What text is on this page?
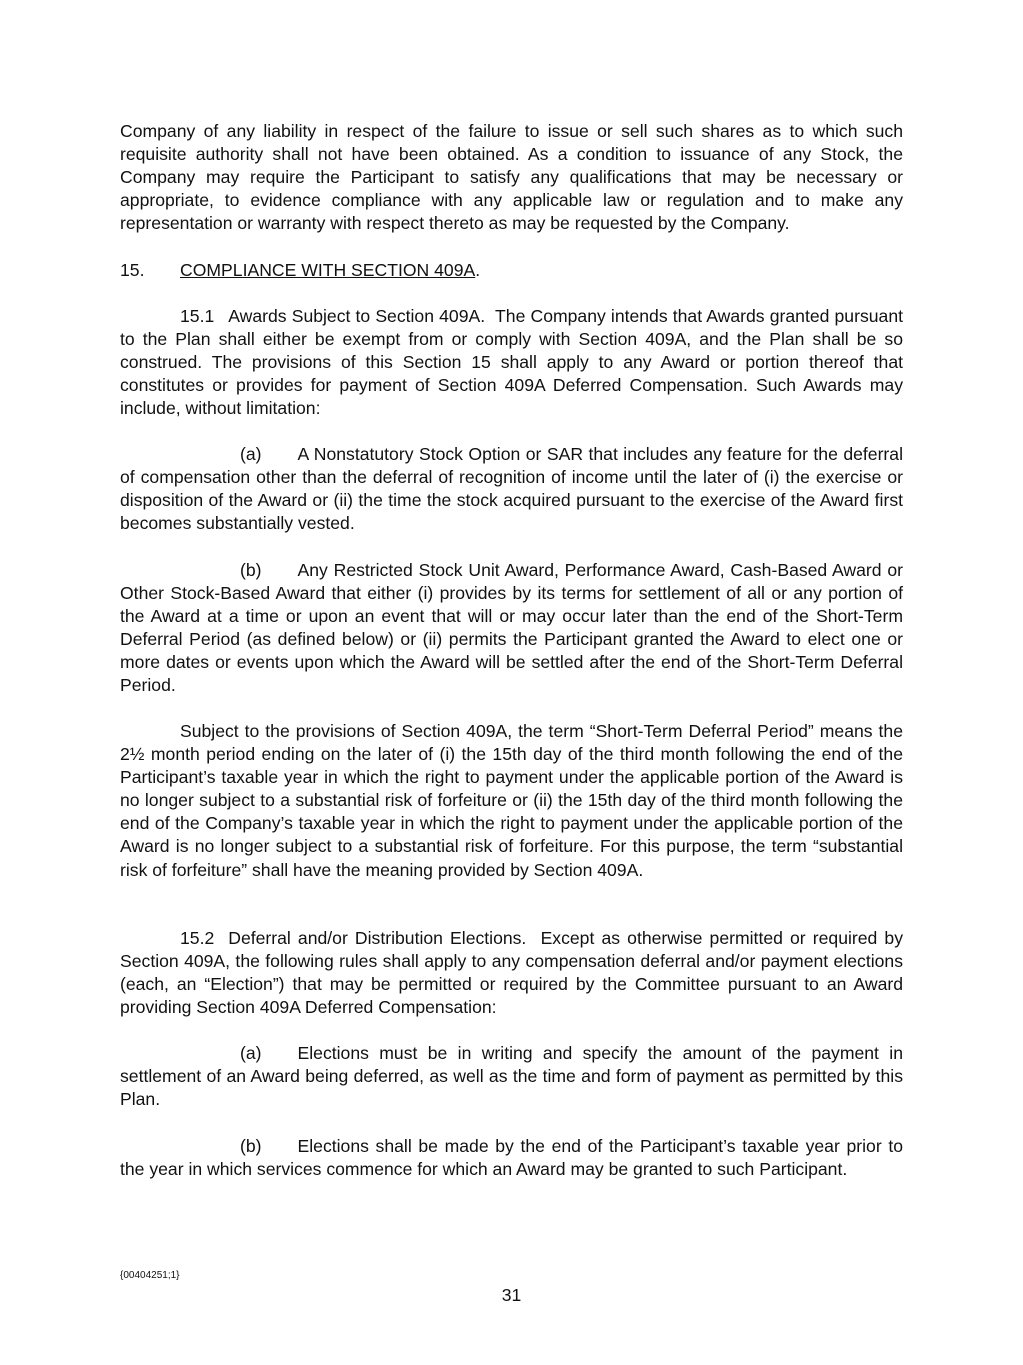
Company of any liability in respect of the failure to issue or sell such shares as to which such requisite authority shall not have been obtained. As a condition to issuance of any Stock, the Company may require the Participant to satisfy any qualifications that may be necessary or appropriate, to evidence compliance with any applicable law or regulation and to make any representation or warranty with respect thereto as may be requested by the Company.

15. COMPLIANCE WITH SECTION 409A.

15.1 Awards Subject to Section 409A. The Company intends that Awards granted pursuant to the Plan shall either be exempt from or comply with Section 409A, and the Plan shall be so construed. The provisions of this Section 15 shall apply to any Award or portion thereof that constitutes or provides for payment of Section 409A Deferred Compensation. Such Awards may include, without limitation:

(a) A Nonstatutory Stock Option or SAR that includes any feature for the deferral of compensation other than the deferral of recognition of income until the later of (i) the exercise or disposition of the Award or (ii) the time the stock acquired pursuant to the exercise of the Award first becomes substantially vested.

(b) Any Restricted Stock Unit Award, Performance Award, Cash-Based Award or Other Stock-Based Award that either (i) provides by its terms for settlement of all or any portion of the Award at a time or upon an event that will or may occur later than the end of the Short-Term Deferral Period (as defined below) or (ii) permits the Participant granted the Award to elect one or more dates or events upon which the Award will be settled after the end of the Short-Term Deferral Period.

Subject to the provisions of Section 409A, the term “Short-Term Deferral Period” means the 2½ month period ending on the later of (i) the 15th day of the third month following the end of the Participant’s taxable year in which the right to payment under the applicable portion of the Award is no longer subject to a substantial risk of forfeiture or (ii) the 15th day of the third month following the end of the Company’s taxable year in which the right to payment under the applicable portion of the Award is no longer subject to a substantial risk of forfeiture. For this purpose, the term “substantial risk of forfeiture” shall have the meaning provided by Section 409A.

15.2 Deferral and/or Distribution Elections. Except as otherwise permitted or required by Section 409A, the following rules shall apply to any compensation deferral and/or payment elections (each, an “Election”) that may be permitted or required by the Committee pursuant to an Award providing Section 409A Deferred Compensation:

(a) Elections must be in writing and specify the amount of the payment in settlement of an Award being deferred, as well as the time and form of payment as permitted by this Plan.

(b) Elections shall be made by the end of the Participant’s taxable year prior to the year in which services commence for which an Award may be granted to such Participant.

{00404251;1}
31
